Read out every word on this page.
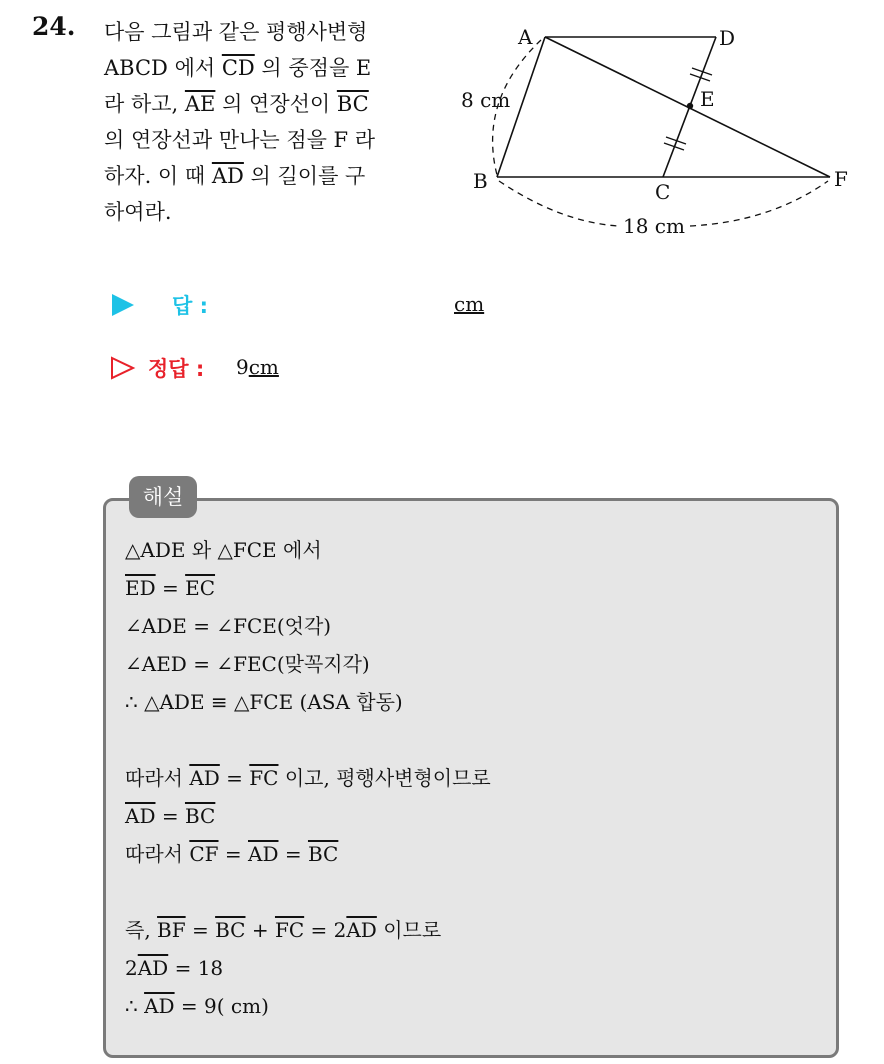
24. 다음 그림과 같은 평행사변형
ABCD 에서 $\overline{CD}$ 의 중점을 E
라 하고, $\overline{AE}$ 의 연장선이 $\overline{BC}$
의 연장선과 만나는 점을 F 라
하자. 이 때 $\overline{AD}$ 의 길이를 구
하여라.
A	D
E
B	C
F
8 cm
18 cm
답 :	cm
정답 : 9cm
해설
△ADE 와 △FCE 에서
$\overline{ED} = \overline{EC}$
∠ADE = ∠FCE(엇각)
∠AED = ∠FEC(맞꼭지각)
∴ △ADE ≡ △FCE (ASA 합동)
따라서 $\overline{AD} = \overline{FC}$ 이고, 평행사변형이므로
$\overline{AD} = \overline{BC}$
따라서 $\overline{CF} = \overline{AD} = \overline{BC}$
즉, $\overline{BF} = \overline{BC} + \overline{FC} = 2\overline{AD}$ 이므로
$2\overline{AD} = 18$
∴ $\overline{AD} = 9$( cm)
